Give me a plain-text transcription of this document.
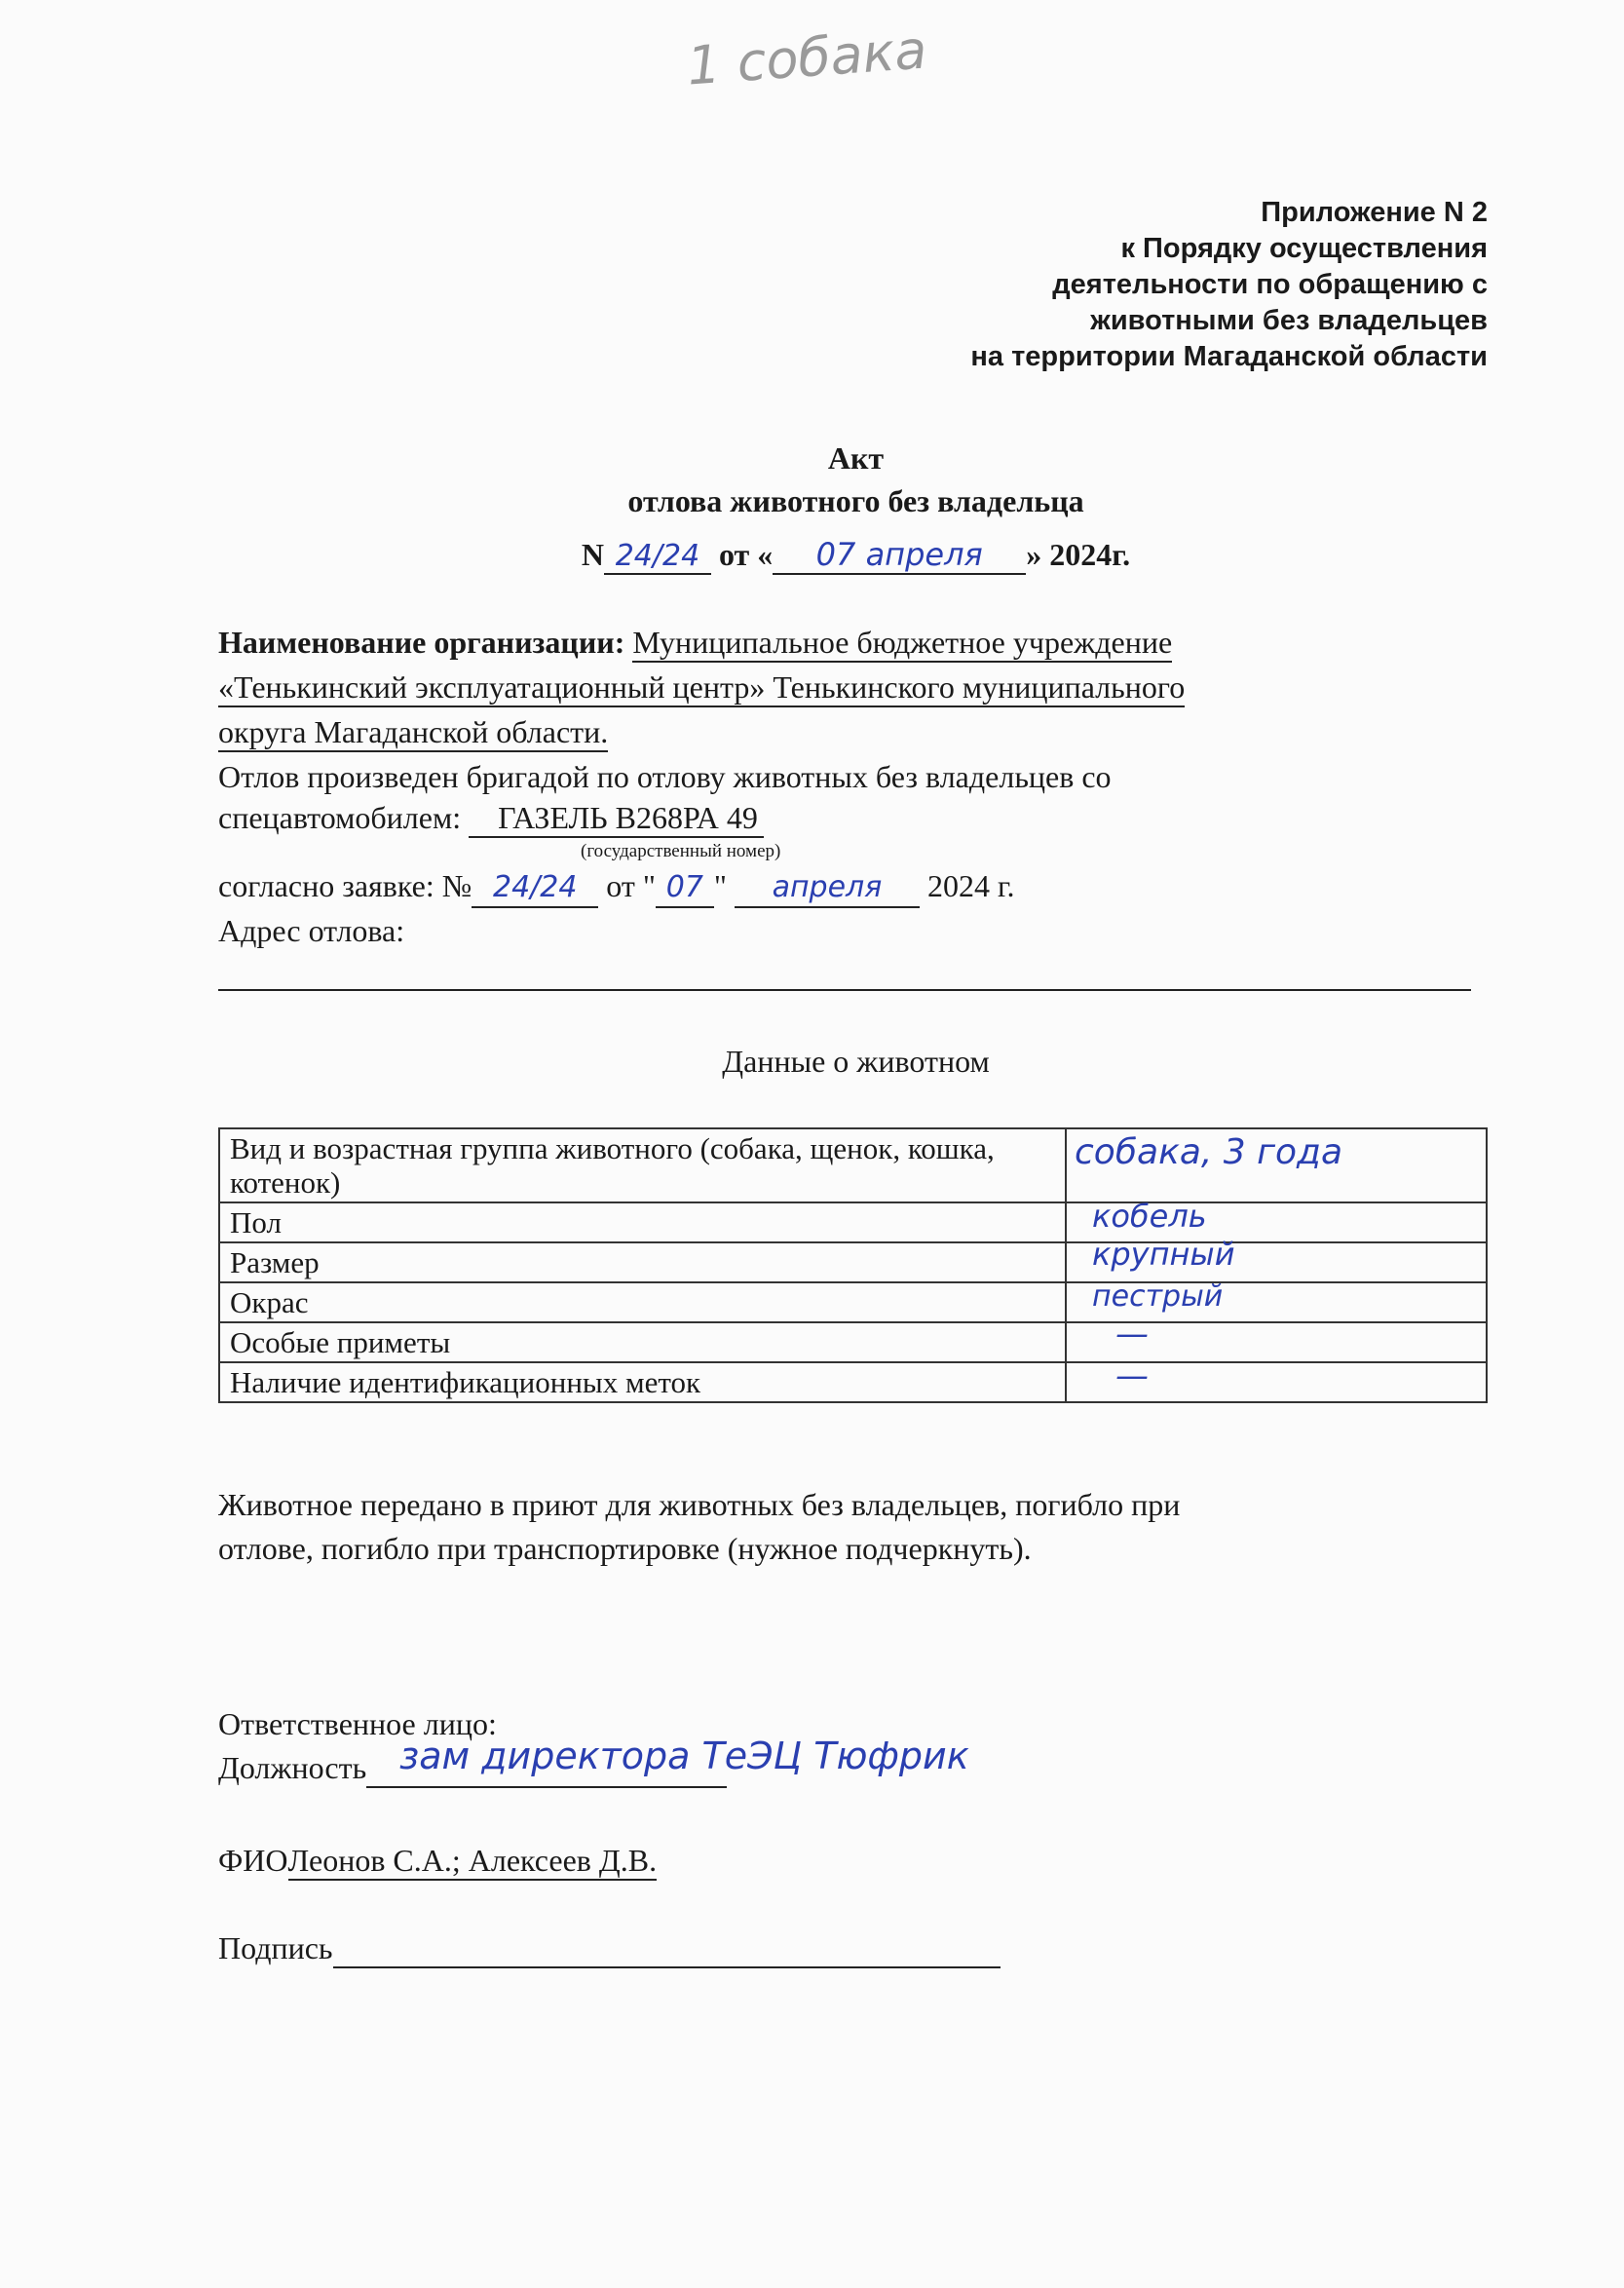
1 собака
Приложение N 2
к Порядку осуществления
деятельности по обращению с
животными без владельцев
на территории Магаданской области
Акт
отлова животного без владельца
N 24/24 от « 07 апреля » 2024г.
Наименование организации: Муниципальное бюджетное учреждение
«Тенькинский эксплуатационный центр» Тенькинского муниципального
округа Магаданской области.
Отлов произведен бригадой по отлову животных без владельцев со
спецавтомобилем: ГАЗЕЛЬ В268РА 49
(государственный номер)
согласно заявке: № 24/24 от " 07 " апреля 2024 г.
Адрес отлова:
Данные о животном
Вид и возрастная группа животного (собака, щенок, кошка, котенок)	собака, 3 года

Пол	кобель

Размер	крупный

Окрас	пестрый

Особые приметы	—

Наличие идентификационных меток	—
Животное передано в приют для животных без владельцев, погибло при
отлове, погибло при транспортировке (нужное подчеркнуть).
Ответственное лицо:
Должность зам директора ТеЭЦ Тюфрик
ФИОЛеонов С.А.; Алексеев Д.В.
Подпись
